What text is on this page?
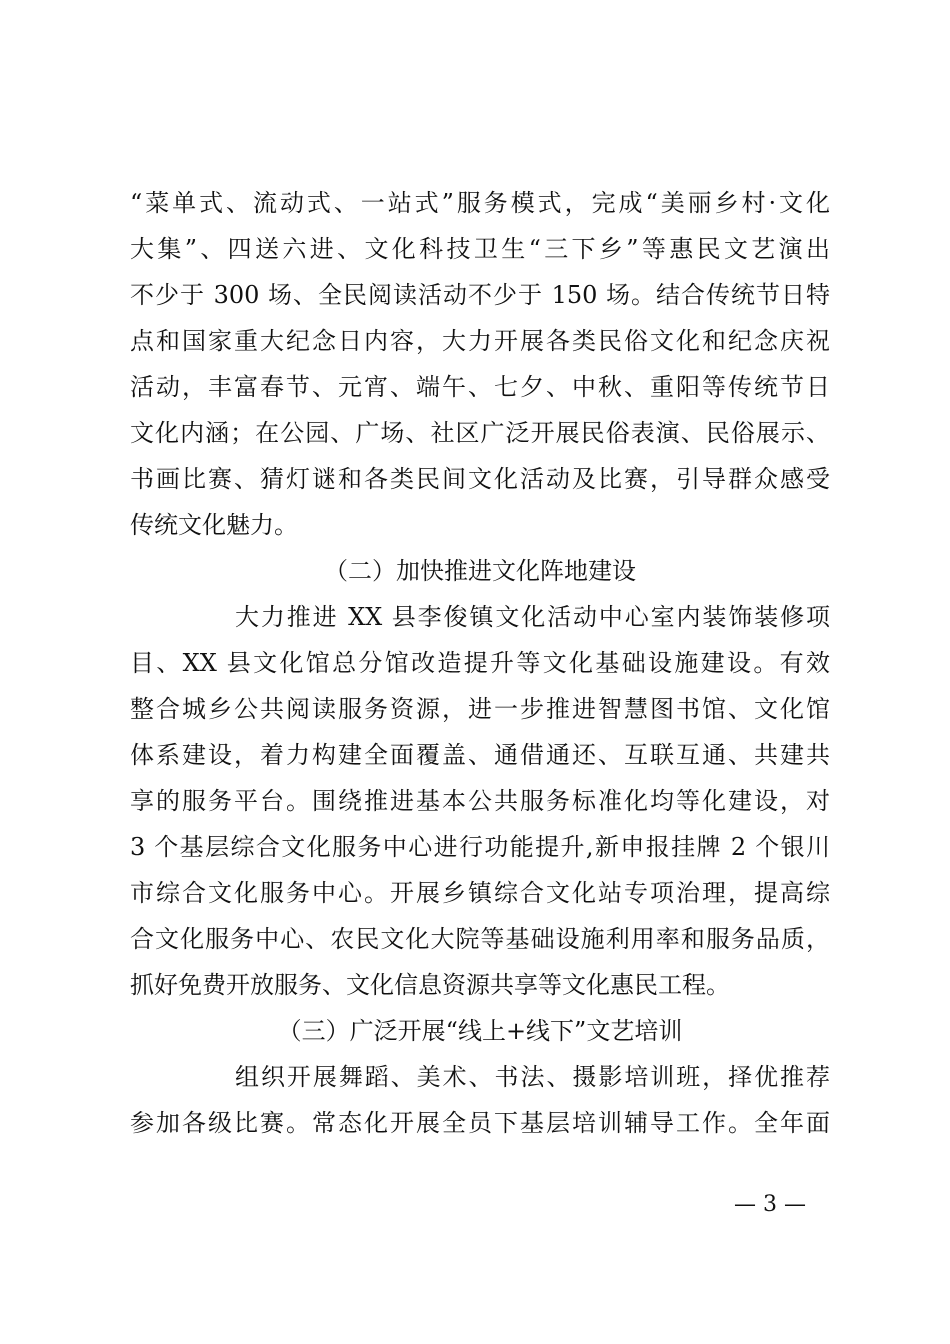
“菜单式、流动式、一站式”服务模式，完成“美丽乡村·文化
大集”、四送六进、文化科技卫生“三下乡”等惠民文艺演出
不少于 300 场、全民阅读活动不少于 150 场。结合传统节日特
点和国家重大纪念日内容，大力开展各类民俗文化和纪念庆祝
活动，丰富春节、元宵、端午、七夕、中秋、重阳等传统节日
文化内涵；在公园、广场、社区广泛开展民俗表演、民俗展示、
书画比赛、猜灯谜和各类民间文化活动及比赛，引导群众感受
传统文化魅力。
（二）加快推进文化阵地建设
大力推进 XX 县李俊镇文化活动中心室内装饰装修项
目、XX 县文化馆总分馆改造提升等文化基础设施建设。有效
整合城乡公共阅读服务资源，进一步推进智慧图书馆、文化馆
体系建设，着力构建全面覆盖、通借通还、互联互通、共建共
享的服务平台。围绕推进基本公共服务标准化均等化建设，对
3 个基层综合文化服务中心进行功能提升,新申报挂牌 2 个银川
市综合文化服务中心。开展乡镇综合文化站专项治理，提高综
合文化服务中心、农民文化大院等基础设施利用率和服务品质，
抓好免费开放服务、文化信息资源共享等文化惠民工程。
（三）广泛开展“线上+线下”文艺培训
组织开展舞蹈、美术、书法、摄影培训班，择优推荐
参加各级比赛。常态化开展全员下基层培训辅导工作。全年面
— 3 —
